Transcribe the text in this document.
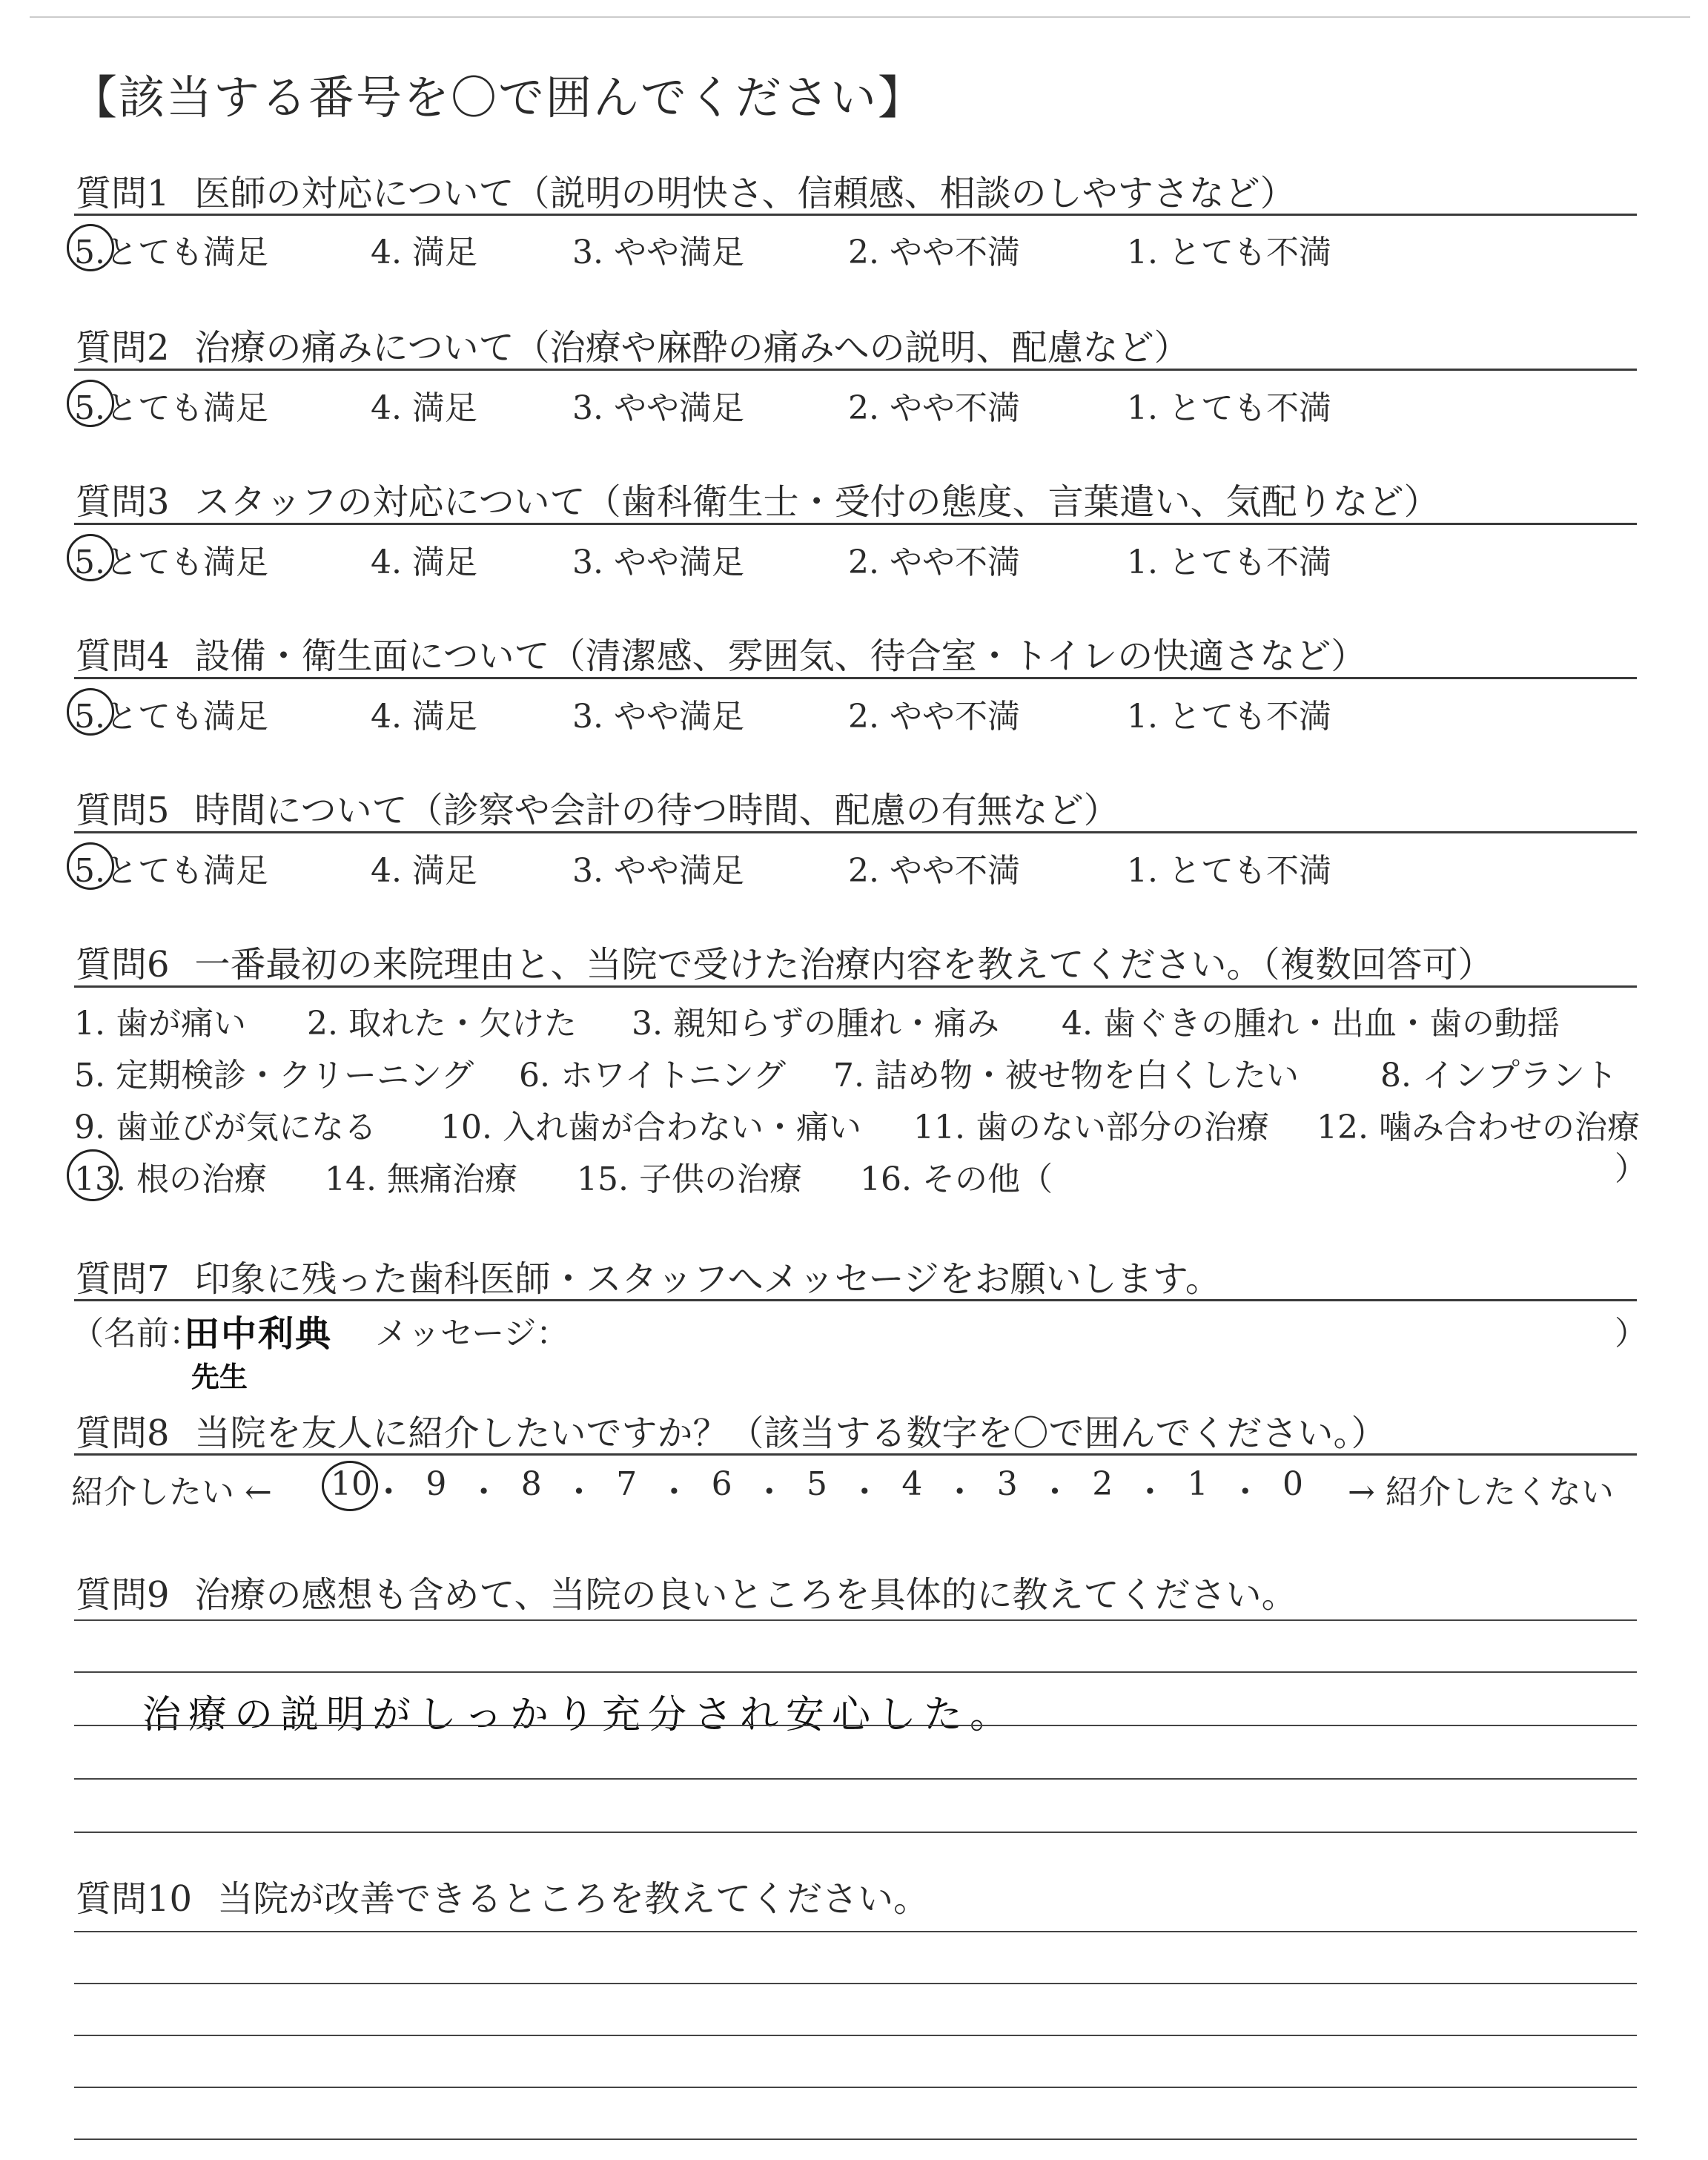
【該当する番号を〇で囲んでください】
質問1 医師の対応について（説明の明快さ、信頼感、相談のしやすさなど）
5.とても満足	4. 満足	3. やや満足	2. やや不満	1. とても不満
質問2 治療の痛みについて（治療や麻酔の痛みへの説明、配慮など）
5.とても満足	4. 満足	3. やや満足	2. やや不満	1. とても不満
質問3 スタッフの対応について（歯科衛生士・受付の態度、言葉遣い、気配りなど）
5.とても満足	4. 満足	3. やや満足	2. やや不満	1. とても不満
質問4 設備・衛生面について（清潔感、雰囲気、待合室・トイレの快適さなど）
5.とても満足	4. 満足	3. やや満足	2. やや不満	1. とても不満
質問5 時間について（診察や会計の待つ時間、配慮の有無など）
5.とても満足	4. 満足	3. やや満足	2. やや不満	1. とても不満
質問6 一番最初の来院理由と、当院で受けた治療内容を教えてください。（複数回答可）
1. 歯が痛い 2. 取れた・欠けた 3. 親知らずの腫れ・痛み 4. 歯ぐきの腫れ・出血・歯の動揺
5. 定期検診・クリーニング 6. ホワイトニング 7. 詰め物・被せ物を白くしたい	8. インプラント
9. 歯並びが気になる 10. 入れ歯が合わない・痛い 11. 歯のない部分の治療 12. 噛み合わせの治療
13. 根の治療 14. 無痛治療 15. 子供の治療 16. その他（	）
質問7 印象に残った歯科医師・スタッフへメッセージをお願いします。
（名前：
田中利典
先生
メッセージ：	）
質問8 当院を友人に紹介したいですか？（該当する数字を〇で囲んでください。）
紹介したい ← 10 ・ 9 ・ 8 ・ 7 ・ 6 ・ 5 ・ 4 ・ 3 ・ 2 ・ 1 ・ 0 → 紹介したくない
質問9 治療の感想も含めて、当院の良いところを具体的に教えてください。
治療の説明がしっかり充分され安心した。
質問10 当院が改善できるところを教えてください。
